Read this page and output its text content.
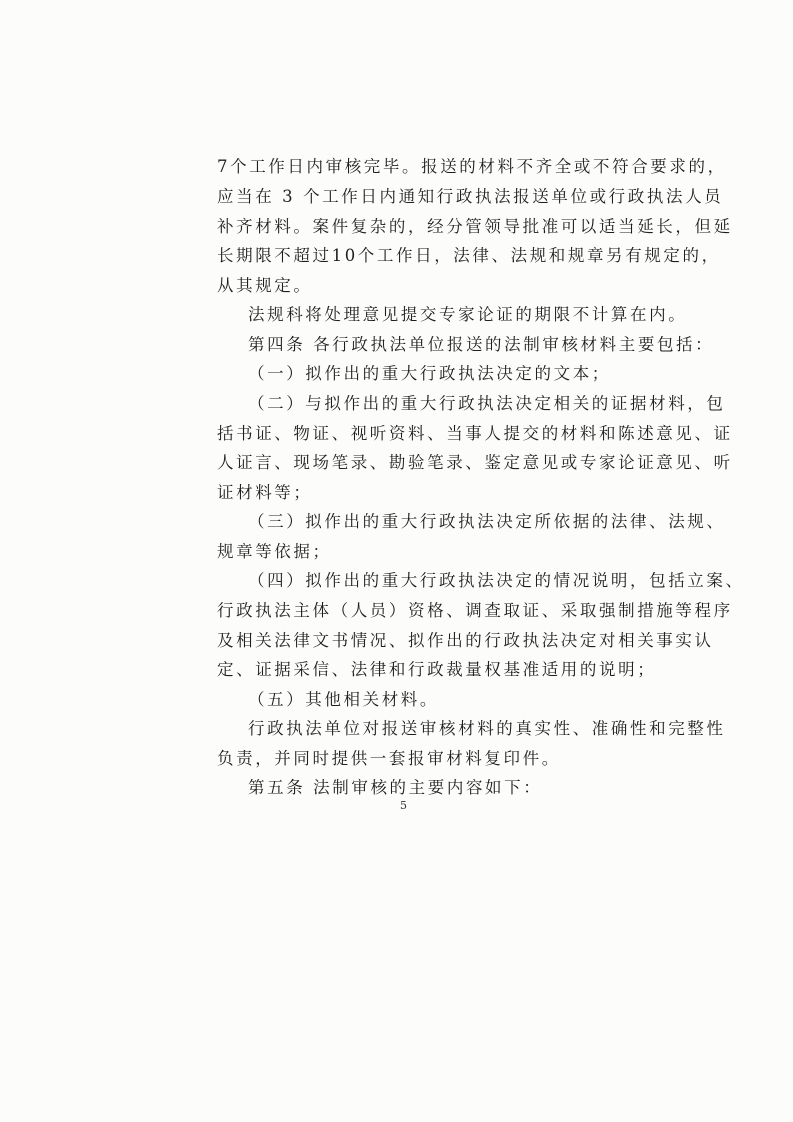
7个工作日内审核完毕。报送的材料不齐全或不符合要求的，
应当在 3 个工作日内通知行政执法报送单位或行政执法人员
补齐材料。案件复杂的，经分管领导批准可以适当延长，但延
长期限不超过10个工作日，法律、法规和规章另有规定的，
从其规定。
法规科将处理意见提交专家论证的期限不计算在内。
第四条 各行政执法单位报送的法制审核材料主要包括：
（一）拟作出的重大行政执法决定的文本；
（二）与拟作出的重大行政执法决定相关的证据材料，包
括书证、物证、视听资料、当事人提交的材料和陈述意见、证
人证言、现场笔录、勘验笔录、鉴定意见或专家论证意见、听
证材料等；
（三）拟作出的重大行政执法决定所依据的法律、法规、
规章等依据；
（四）拟作出的重大行政执法决定的情况说明，包括立案、
行政执法主体（人员）资格、调查取证、采取强制措施等程序
及相关法律文书情况、拟作出的行政执法决定对相关事实认
定、证据采信、法律和行政裁量权基准适用的说明；
（五）其他相关材料。
行政执法单位对报送审核材料的真实性、准确性和完整性
负责，并同时提供一套报审材料复印件。
第五条 法制审核的主要内容如下：
5
